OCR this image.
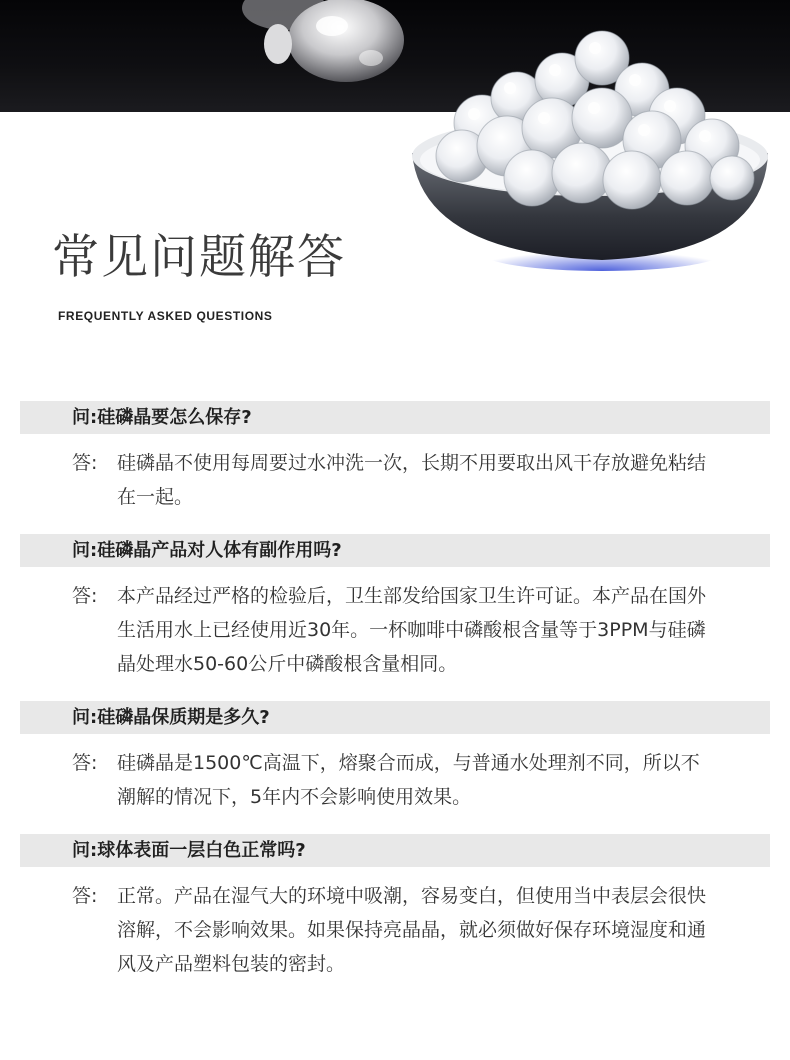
常见问题解答
FREQUENTLY ASKED QUESTIONS
问: 硅磷晶要怎么保存?
答:	硅磷晶不使用每周要过水冲洗一次，长期不用要取出风干存放避免粘结在一起。
问: 硅磷晶产品对人体有副作用吗?
答:	本产品经过严格的检验后，卫生部发给国家卫生许可证。本产品在国外生活用水上已经使用近30年。一杯咖啡中磷酸根含量等于3PPM与硅磷晶处理水50-60公斤中磷酸根含量相同。
问: 硅磷晶保质期是多久?
答:	硅磷晶是1500℃高温下，熔聚合而成，与普通水处理剂不同，所以不潮解的情况下，5年内不会影响使用效果。
问: 球体表面一层白色正常吗?
答:	正常。产品在湿气大的环境中吸潮，容易变白，但使用当中表层会很快溶解，不会影响效果。如果保持亮晶晶，就必须做好保存环境湿度和通风及产品塑料包装的密封。
